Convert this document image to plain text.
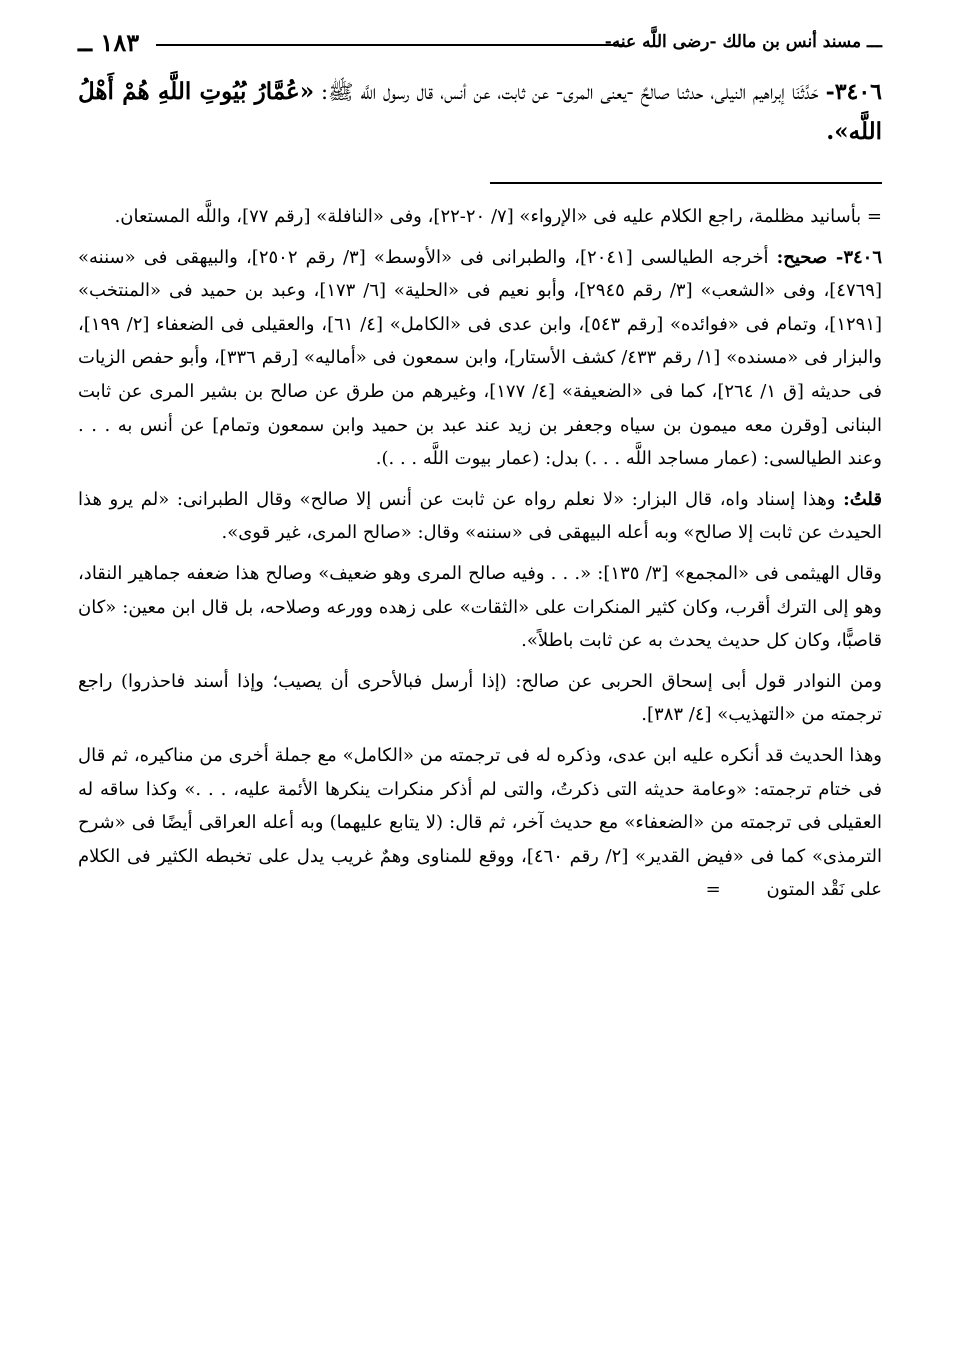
ـــ مسند أنس بن مالك -رضى اللَّه عنه-
١٨٣ ــ
٣٤٠٦- حَدَّثَنَا إبراهيم النيلى، حدثنا صالحٌ -يعنى المرى- عن ثابت، عن أنس، قال رسول اللَّه ﷺ: «عُمَّارُ بُيُوتِ اللَّهِ هُمْ أَهْلُ اللَّه».

= بأسانيد مظلمة، راجع الكلام عليه فى «الإرواء» [٧/ ٢٠-٢٢]، وفى «النافلة» [رقم ٧٧]، واللَّه المستعان.

٣٤٠٦- صحيح: أخرجه الطيالسى [٢٠٤١]، والطبرانى فى «الأوسط» [٣/ رقم ٢٥٠٢]، والبيهقى فى «سننه» [٤٧٦٩]، وفى «الشعب» [٣/ رقم ٢٩٤٥]، وأبو نعيم فى «الحلية» [٦/ ١٧٣]، وعبد بن حميد فى «المنتخب» [١٢٩١]، وتمام فى «فوائده» [رقم ٥٤٣]، وابن عدى فى «الكامل» [٤/ ٦١]، والعقيلى فى الضعفاء [٢/ ١٩٩]، والبزار فى «مسنده» [١/ رقم ٤٣٣/ كشف الأستار]، وابن سمعون فى «أماليه» [رقم ٣٣٦]، وأبو حفص الزيات فى حديثه [ق ١/ ٢٦٤]، كما فى «الضعيفة» [٤/ ١٧٧]، وغيرهم من طرق عن صالح بن بشير المرى عن ثابت البنانى [وقرن معه ميمون بن سياه وجعفر بن زيد عند عبد بن حميد وابن سمعون وتمام] عن أنس به . . . وعند الطيالسى: (عمار مساجد اللَّه . . .) بدل: (عمار بيوت اللَّه . . .).

قلتُ: وهذا إسناد واه، قال البزار: «لا نعلم رواه عن ثابت عن أنس إلا صالح» وقال الطبرانى: «لم يرو هذا الحيدث عن ثابت إلا صالح» وبه أعله البيهقى فى «سننه» وقال: «صالح المرى، غير قوى».

وقال الهيثمى فى «المجمع» [٣/ ١٣٥]: «. . . وفيه صالح المرى وهو ضعيف» وصالح هذا ضعفه جماهير النقاد، وهو إلى الترك أقرب، وكان كثير المنكرات على «الثقات» على زهده وورعه وصلاحه، بل قال ابن معين: «كان قاصبًّا، وكان كل حديث يحدث به عن ثابت باطلاً».

ومن النوادر قول أبى إسحاق الحربى عن صالح: (إذا أرسل فبالأحرى أن يصيب؛ وإذا أسند فاحذروا) راجع ترجمته من «التهذيب» [٤/ ٣٨٣].

وهذا الحديث قد أنكره عليه ابن عدى، وذكره له فى ترجمته من «الكامل» مع جملة أخرى من مناكيره، ثم قال فى ختام ترجمته: «وعامة حديثه التى ذكرتُ، والتى لم أذكر منكرات ينكرها الأئمة عليه، . . .» وكذا ساقه له العقيلى فى ترجمته من «الضعفاء» مع حديث آخر، ثم قال: (لا يتابع عليهما) وبه أعله العراقى أيضًا فى «شرح الترمذى» كما فى «فيض القدير» [٢/ رقم ٤٦٠]، ووقع للمناوى وهمٌ غريب يدل على تخبطه الكثير فى الكلام على نَقْد المتون =
